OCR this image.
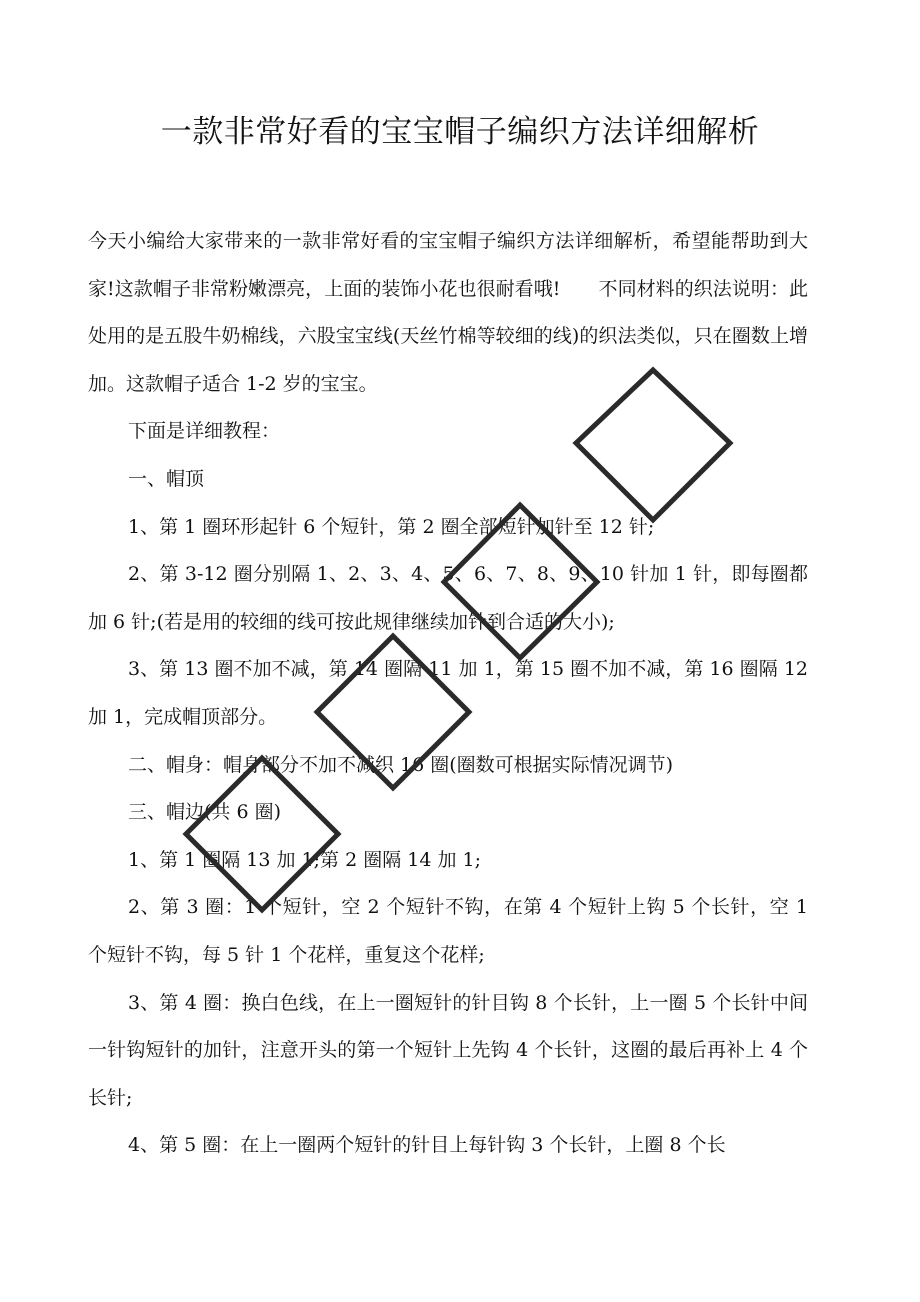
一款非常好看的宝宝帽子编织方法详细解析

今天小编给大家带来的一款非常好看的宝宝帽子编织方法详细解析，希望能帮助到大家!这款帽子非常粉嫩漂亮，上面的装饰小花也很耐看哦!　　不同材料的织法说明：此处用的是五股牛奶棉线，六股宝宝线(天丝竹棉等较细的线)的织法类似，只在圈数上增加。这款帽子适合 1-2 岁的宝宝。

下面是详细教程：

一、帽顶

1、第 1 圈环形起针 6 个短针，第 2 圈全部短针加针至 12 针;

2、第 3-12 圈分别隔 1、2、3、4、5、6、7、8、9、10 针加 1 针，即每圈都加 6 针;(若是用的较细的线可按此规律继续加针到合适的大小);

3、第 13 圈不加不减，第 14 圈隔 11 加 1，第 15 圈不加不减，第 16 圈隔 12 加 1，完成帽顶部分。

二、帽身：帽身部分不加不减织 16 圈(圈数可根据实际情况调节)

三、帽边(共 6 圈)

1、第 1 圈隔 13 加 1;第 2 圈隔 14 加 1;

2、第 3 圈：1 个短针，空 2 个短针不钩，在第 4 个短针上钩 5 个长针，空 1 个短针不钩，每 5 针 1 个花样，重复这个花样;

3、第 4 圈：换白色线，在上一圈短针的针目钩 8 个长针，上一圈 5 个长针中间一针钩短针的加针，注意开头的第一个短针上先钩 4 个长针，这圈的最后再补上 4 个长针;

4、第 5 圈：在上一圈两个短针的针目上每针钩 3 个长针，上圈 8 个长
